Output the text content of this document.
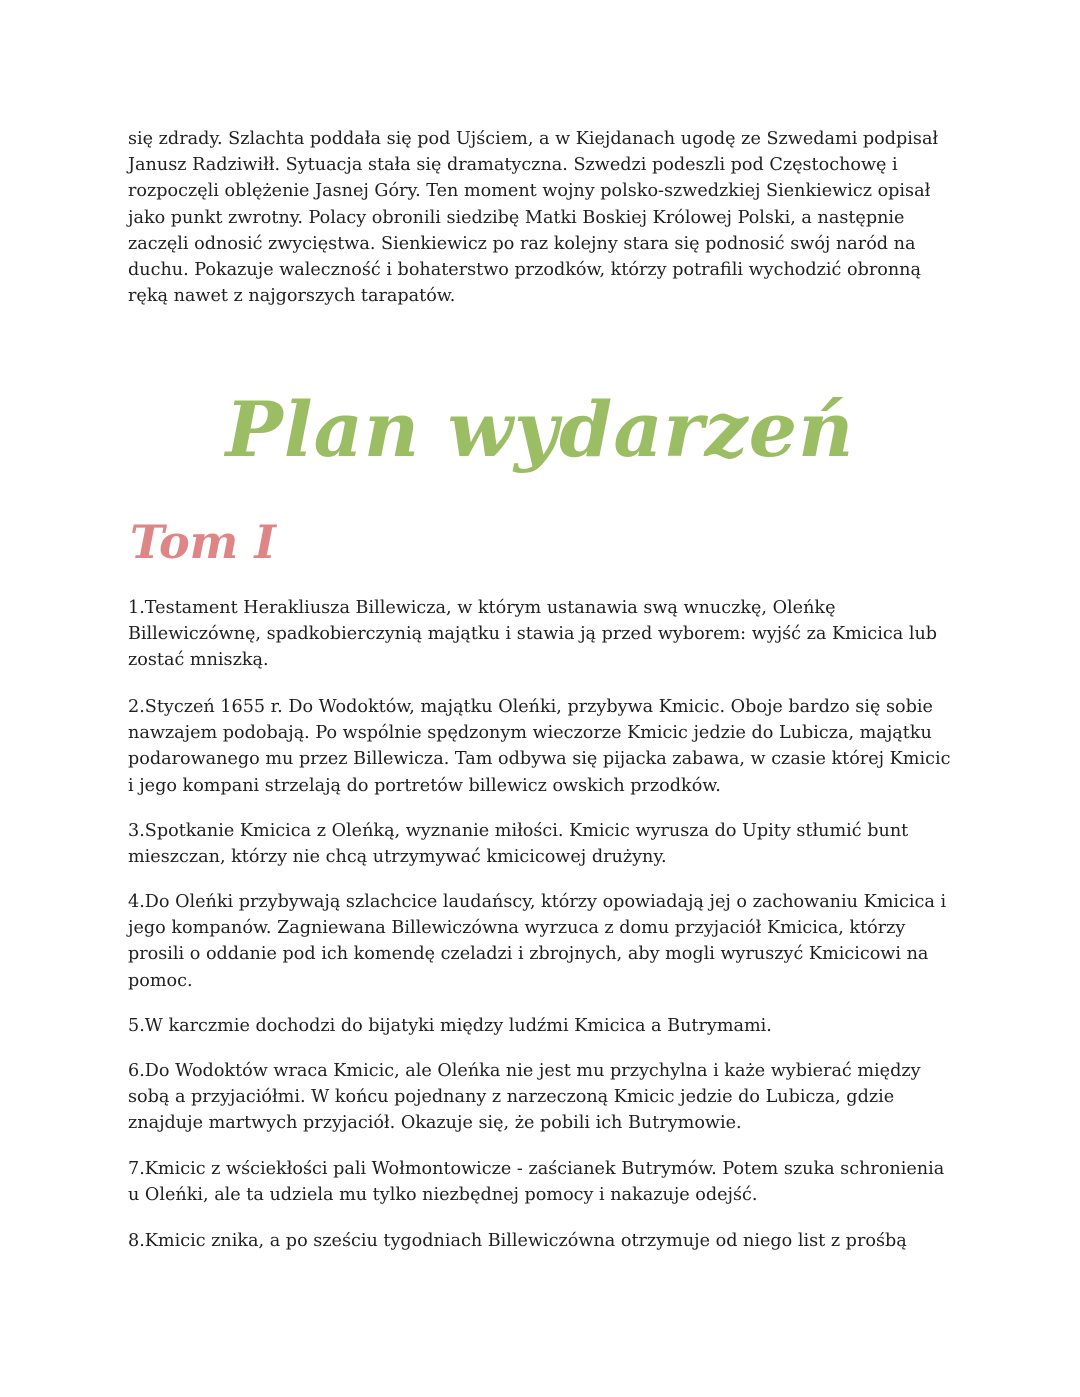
się zdrady. Szlachta poddała się pod Ujściem, a w Kiejdanach ugodę ze Szwedami podpisał Janusz Radziwiłł. Sytuacja stała się dramatyczna. Szwedzi podeszli pod Częstochowę i rozpoczęli oblężenie Jasnej Góry. Ten moment wojny polsko-szwedzkiej Sienkiewicz opisał jako punkt zwrotny. Polacy obronili siedzibę Matki Boskiej Królowej Polski, a następnie zaczęli odnosić zwycięstwa. Sienkiewicz po raz kolejny stara się podnosić swój naród na duchu. Pokazuje waleczność i bohaterstwo przodków, którzy potrafili wychodzić obronną ręką nawet z najgorszych tarapatów.

Plan wydarzeń
Tom I

1.Testament Herakliusza Billewicza, w którym ustanawia swą wnuczkę, Oleńkę Billewiczównę, spadkobierczynią majątku i stawia ją przed wyborem: wyjść za Kmicica lub zostać mniszką.

2.Styczeń 1655 r. Do Wodoktów, majątku Oleńki, przybywa Kmicic. Oboje bardzo się sobie nawzajem podobają. Po wspólnie spędzonym wieczorze Kmicic jedzie do Lubicza, majątku podarowanego mu przez Billewicza. Tam odbywa się pijacka zabawa, w czasie której Kmicic i jego kompani strzelają do portretów billewicz owskich przodków.

3.Spotkanie Kmicica z Oleńką, wyznanie miłości. Kmicic wyrusza do Upity stłumić bunt mieszczan, którzy nie chcą utrzymywać kmicicowej drużyny.

4.Do Oleńki przybywają szlachcice laudańscy, którzy opowiadają jej o zachowaniu Kmicica i jego kompanów. Zagniewana Billewiczówna wyrzuca z domu przyjaciół Kmicica, którzy prosili o oddanie pod ich komendę czeladzi i zbrojnych, aby mogli wyruszyć Kmicicowi na pomoc.

5.W karczmie dochodzi do bijatyki między ludźmi Kmicica a Butrymami.

6.Do Wodoktów wraca Kmicic, ale Oleńka nie jest mu przychylna i każe wybierać między sobą a przyjaciółmi. W końcu pojednany z narzeczoną Kmicic jedzie do Lubicza, gdzie znajduje martwych przyjaciół. Okazuje się, że pobili ich Butrymowie.

7.Kmicic z wściekłości pali Wołmontowicze - zaścianek Butrymów. Potem szuka schronienia u Oleńki, ale ta udziela mu tylko niezbędnej pomocy i nakazuje odejść.

8.Kmicic znika, a po sześciu tygodniach Billewiczówna otrzymuje od niego list z prośbą
